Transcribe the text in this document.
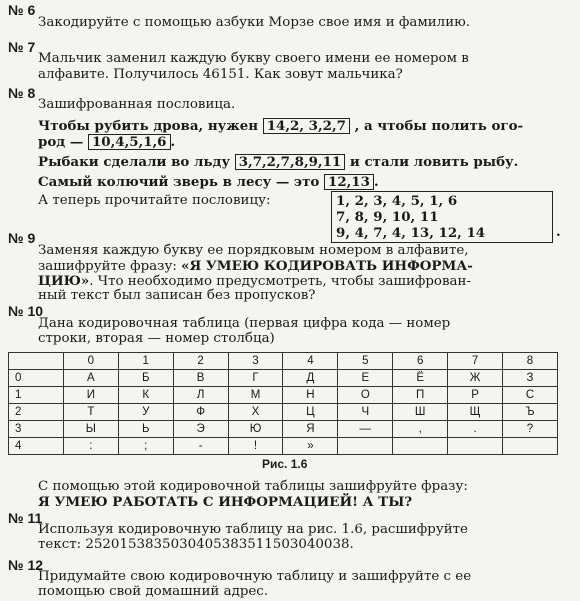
№ 6
Закодируйте с помощью азбуки Морзе свое имя и фамилию.
№ 7
Мальчик заменил каждую букву своего имени ее номером в
алфавите. Получилось 46151. Как зовут мальчика?
№ 8
Зашифрованная пословица.
Чтобы рубить дрова, нужен 14,2, 3,2,7 , а чтобы полить ого-
род — 10,4,5,1,6 .
Рыбаки сделали во льду 3,7,2,7,8,9,11 и стали ловить рыбу.
Самый колючий зверь в лесу — это 12,13 .
А теперь прочитайте пословицу:	1, 2, 3, 4, 5, 1, 6
7, 8, 9, 10, 11
9, 4, 7, 4, 13, 12, 14	.
№ 9
Заменяя каждую букву ее порядковым номером в алфавите,
зашифруйте фразу: «Я УМЕЮ КОДИРОВАТЬ ИНФОРМА-
ЦИЮ». Что необходимо предусмотреть, чтобы зашифрован-
ный текст был записан без пропусков?
№ 10
Дана кодировочная таблица (первая цифра кода — номер
строки, вторая — номер столбца)
	0	1	2	3	4	5	6	7	8
0	А	Б	В	Г	Д	Е	Ё	Ж	З
1	И	К	Л	М	Н	О	П	Р	С
2	Т	У	Ф	Х	Ц	Ч	Ш	Щ	Ъ
3	Ы	Ь	Э	Ю	Я	—	,	.	?
4	:	;	-	!	»				
Рис. 1.6
С помощью этой кодировочной таблицы зашифруйте фразу:
Я УМЕЮ РАБОТАТЬ С ИНФОРМАЦИЕЙ! А ТЫ?
№ 11
Используя кодировочную таблицу на рис. 1.6, расшифруйте
текст: 2520153835030405383511503040038.
№ 12
Придумайте свою кодировочную таблицу и зашифруйте с ее
помощью свой домашний адрес.
